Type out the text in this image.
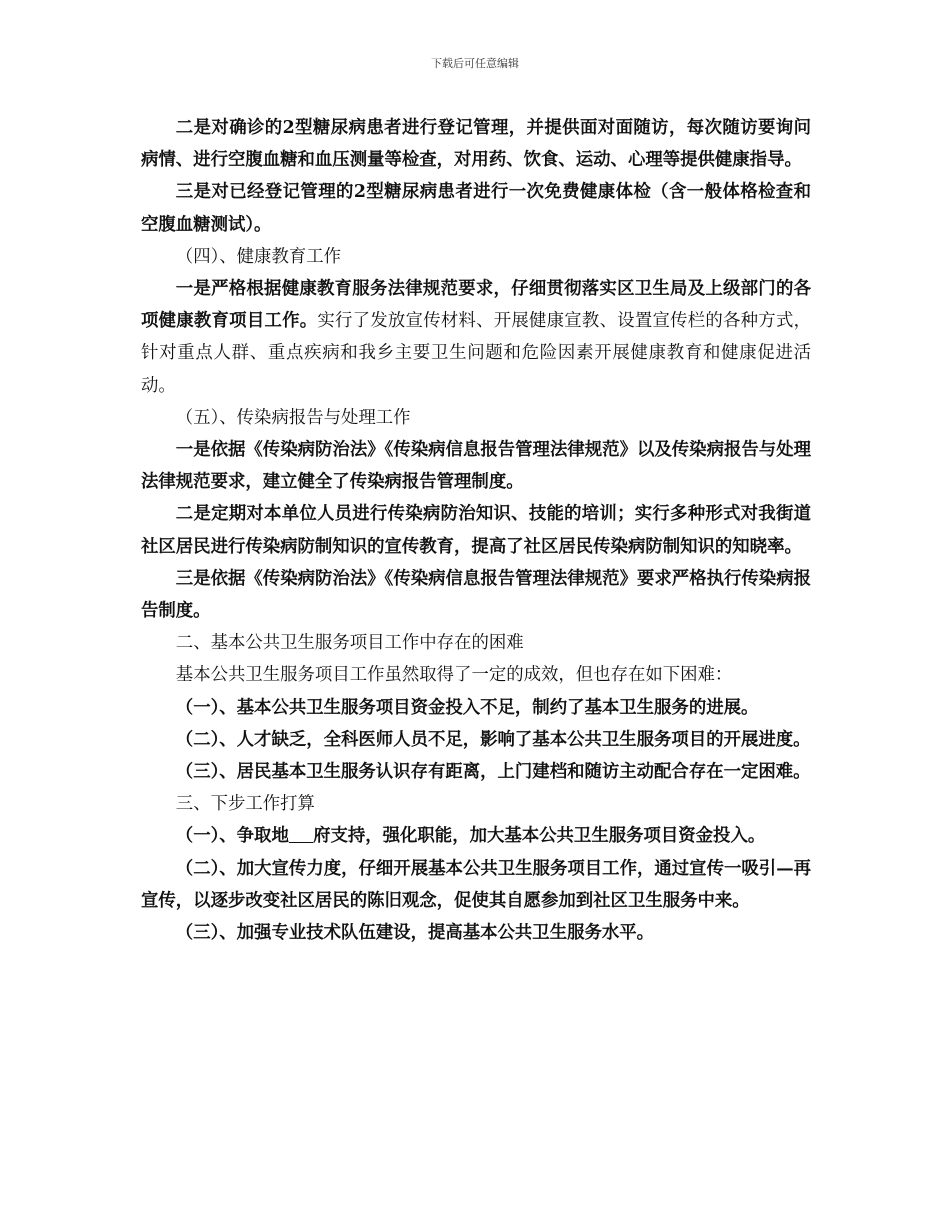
下载后可任意编辑

二是对确诊的2型糖尿病患者进行登记管理，并提供面对面随访，每次随访要询问病情、进行空腹血糖和血压测量等检查，对用药、饮食、运动、心理等提供健康指导。

三是对已经登记管理的2型糖尿病患者进行一次免费健康体检（含一般体格检查和空腹血糖测试）。

（四）、健康教育工作

一是严格根据健康教育服务法律规范要求，仔细贯彻落实区卫生局及上级部门的各项健康教育项目工作。实行了发放宣传材料、开展健康宣教、设置宣传栏的各种方式，针对重点人群、重点疾病和我乡主要卫生问题和危险因素开展健康教育和健康促进活动。

（五）、传染病报告与处理工作

一是依据《传染病防治法》《传染病信息报告管理法律规范》以及传染病报告与处理法律规范要求，建立健全了传染病报告管理制度。

二是定期对本单位人员进行传染病防治知识、技能的培训；实行多种形式对我街道社区居民进行传染病防制知识的宣传教育，提高了社区居民传染病防制知识的知晓率。

三是依据《传染病防治法》《传染病信息报告管理法律规范》要求严格执行传染病报告制度。

二、基本公共卫生服务项目工作中存在的困难

基本公共卫生服务项目工作虽然取得了一定的成效，但也存在如下困难：

（一）、基本公共卫生服务项目资金投入不足，制约了基本卫生服务的进展。

（二）、人才缺乏，全科医师人员不足，影响了基本公共卫生服务项目的开展进度。

（三）、居民基本卫生服务认识存有距离，上门建档和随访主动配合存在一定困难。

三、下步工作打算

（一）、争取地 府支持，强化职能，加大基本公共卫生服务项目资金投入。

（二）、加大宣传力度，仔细开展基本公共卫生服务项目工作，通过宣传一吸引—再宣传，以逐步改变社区居民的陈旧观念，促使其自愿参加到社区卫生服务中来。

（三）、加强专业技术队伍建设，提高基本公共卫生服务水平。
